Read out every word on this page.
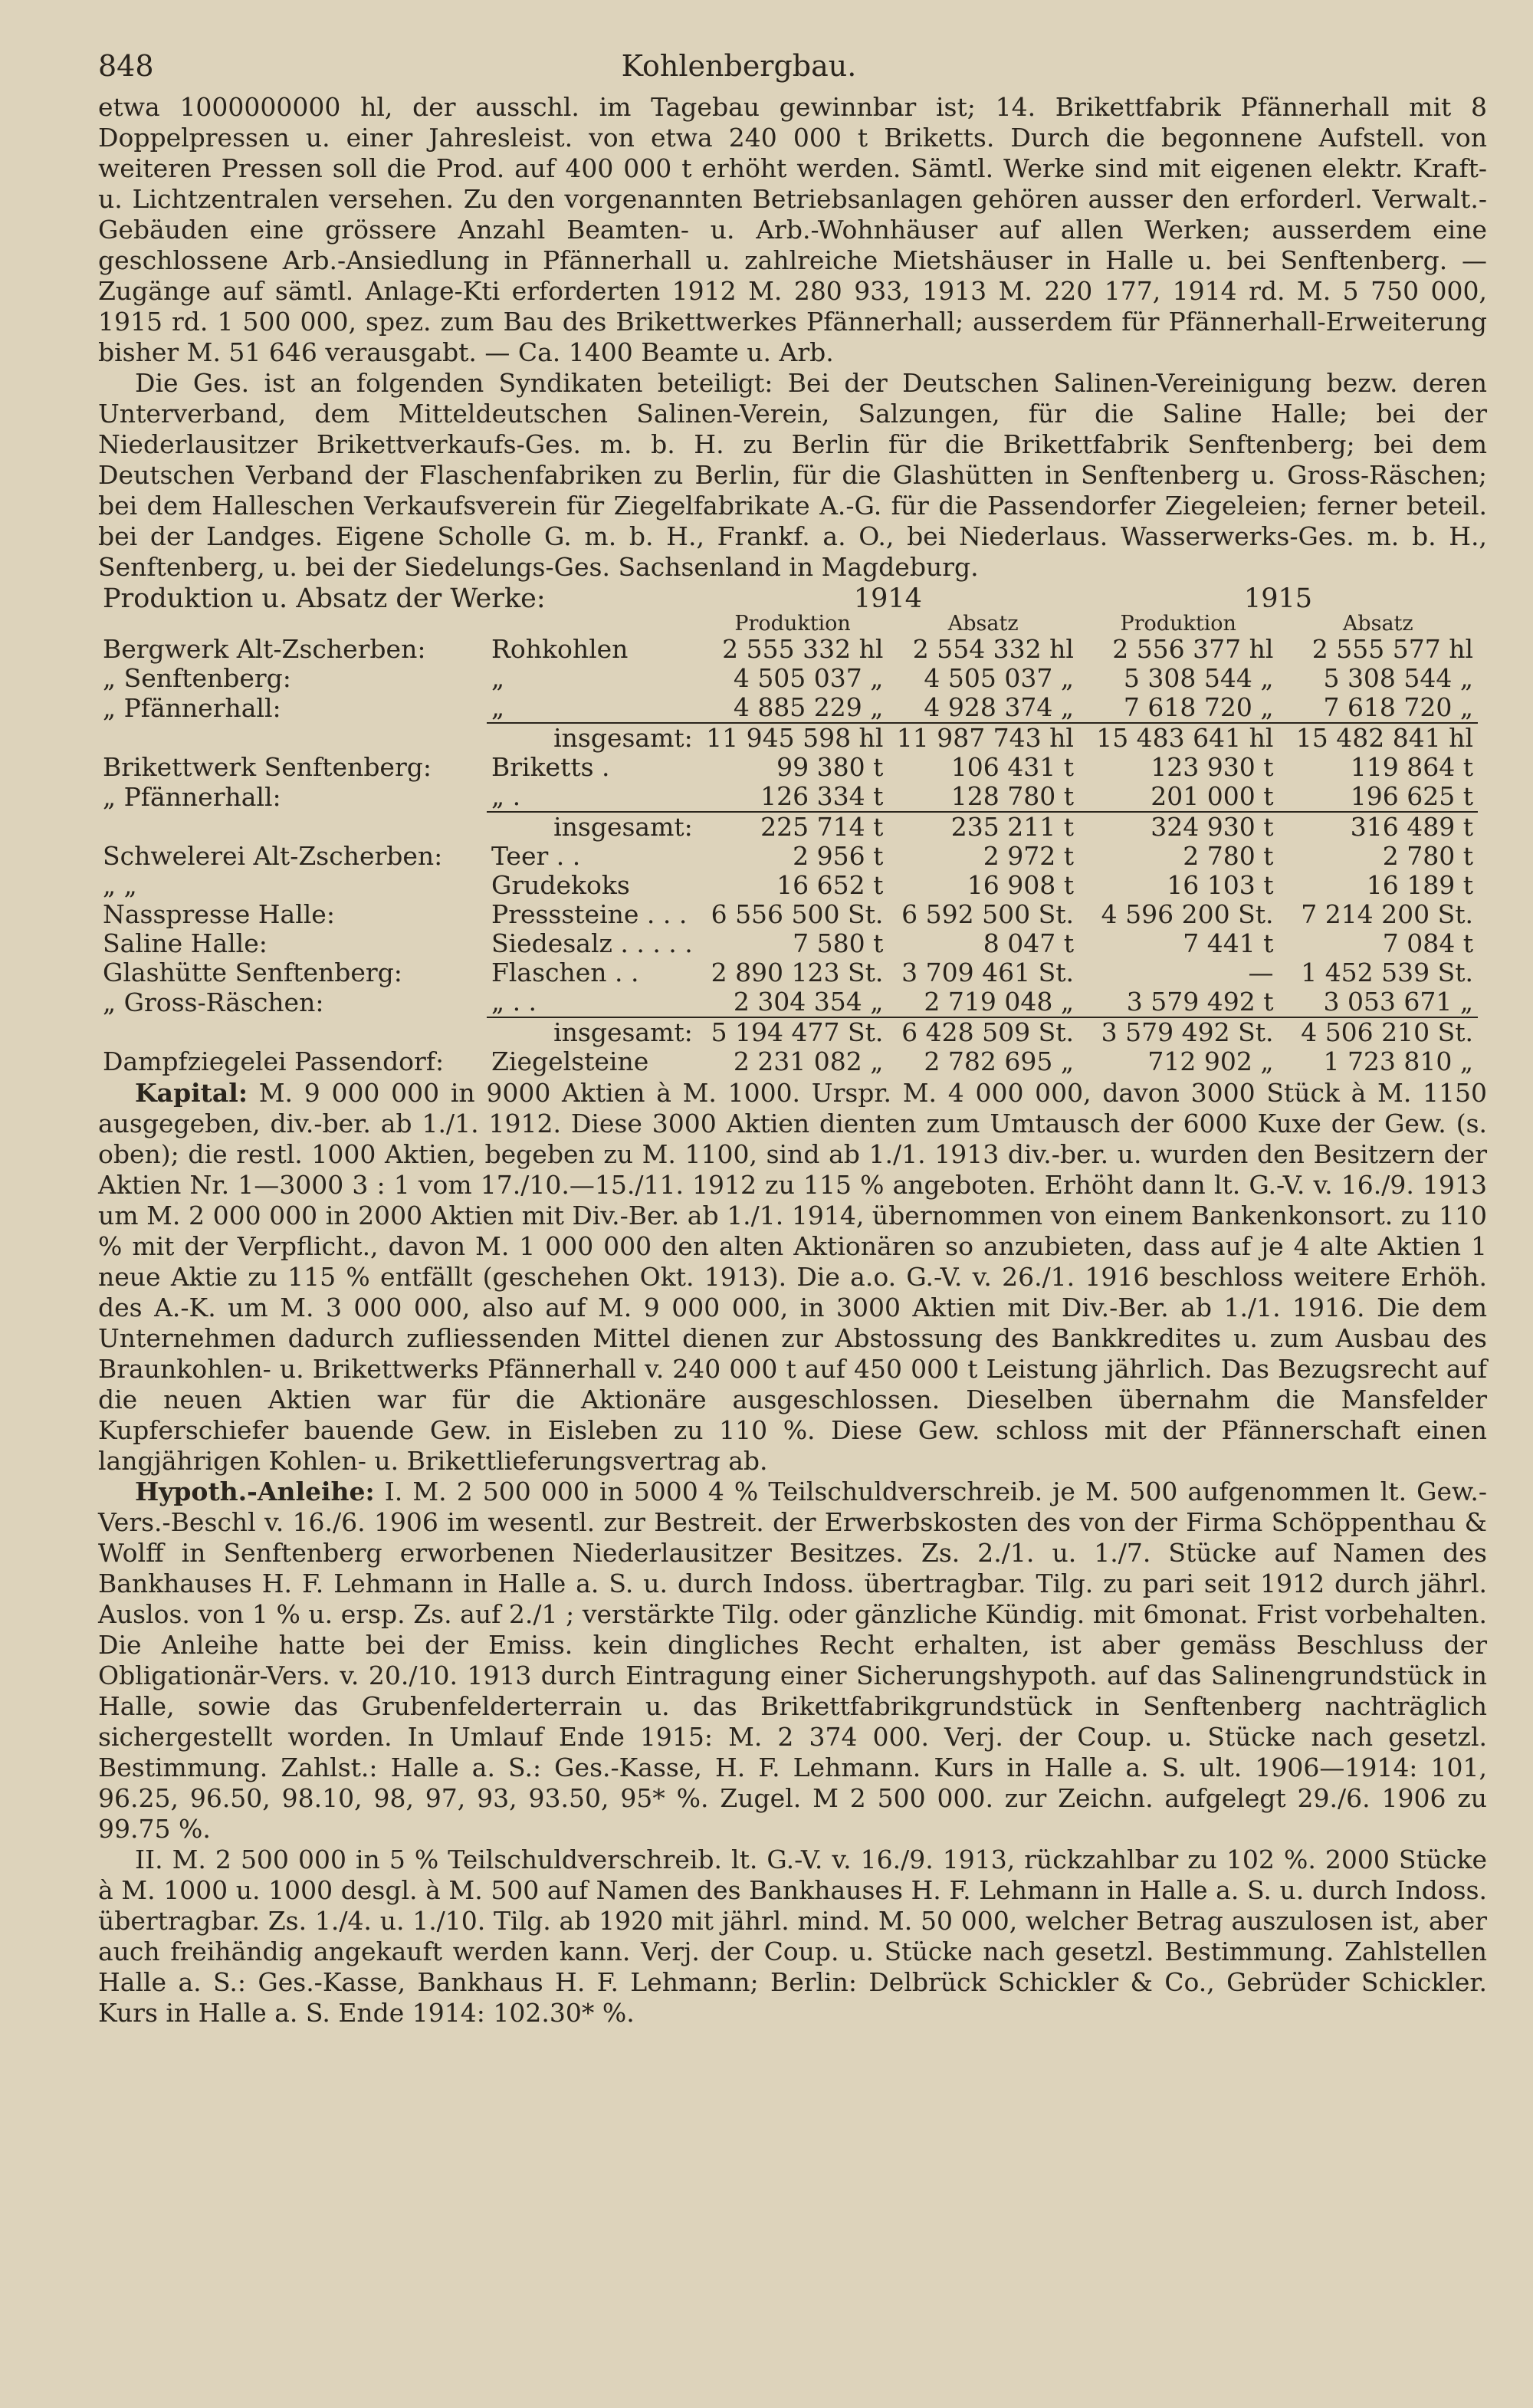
848	Kohlenbergbau.

etwa 1000000000 hl, der ausschl. im Tagebau gewinnbar ist; 14. Brikettfabrik Pfännerhall mit 8 Doppelpressen u. einer Jahresleist. von etwa 240 000 t Briketts. Durch die begonnene Aufstell. von weiteren Pressen soll die Prod. auf 400 000 t erhöht werden. Sämtl. Werke sind mit eigenen elektr. Kraft- u. Lichtzentralen versehen. Zu den vorgenannten Betriebsanlagen gehören ausser den erforderl. Verwalt.-Gebäuden eine grössere Anzahl Beamten- u. Arb.-Wohnhäuser auf allen Werken; ausserdem eine geschlossene Arb.-Ansiedlung in Pfännerhall u. zahlreiche Mietshäuser in Halle u. bei Senftenberg. — Zugänge auf sämtl. Anlage-Kti erforderten 1912 M. 280 933, 1913 M. 220 177, 1914 rd. M. 5 750 000, 1915 rd. 1 500 000, spez. zum Bau des Brikettwerkes Pfännerhall; ausserdem für Pfännerhall-Erweiterung bisher M. 51 646 verausgabt. — Ca. 1400 Beamte u. Arb.

Die Ges. ist an folgenden Syndikaten beteiligt: Bei der Deutschen Salinen-Vereinigung bezw. deren Unterverband, dem Mitteldeutschen Salinen-Verein, Salzungen, für die Saline Halle; bei der Niederlausitzer Brikettverkaufs-Ges. m. b. H. zu Berlin für die Brikettfabrik Senftenberg; bei dem Deutschen Verband der Flaschenfabriken zu Berlin, für die Glashütten in Senftenberg u. Gross-Räschen; bei dem Halleschen Verkaufsverein für Ziegelfabrikate A.-G. für die Passendorfer Ziegeleien; ferner beteil. bei der Landges. Eigene Scholle G. m. b. H., Frankf. a. O., bei Niederlaus. Wasserwerks-Ges. m. b. H., Senftenberg, u. bei der Siedelungs-Ges. Sachsenland in Magdeburg.

Produktion u. Absatz der Werke:		1914		1915	
		Produktion	Absatz	Produktion	Absatz
Bergwerk Alt-Zscherben:	Rohkohlen	2 555 332 hl	2 554 332 hl	2 556 377 hl	2 555 577 hl
„ Senftenberg:	„	4 505 037 „	4 505 037 „	5 308 544 „	5 308 544 „
„ Pfännerhall:	„	4 885 229 „	4 928 374 „	7 618 720 „	7 618 720 „
	insgesamt:	11 945 598 hl	11 987 743 hl	15 483 641 hl	15 482 841 hl
Brikettwerk Senftenberg:	Briketts .	99 380 t	106 431 t	123 930 t	119 864 t
„ Pfännerhall:	„ .	126 334 t	128 780 t	201 000 t	196 625 t
	insgesamt:	225 714 t	235 211 t	324 930 t	316 489 t
Schwelerei Alt-Zscherben:	Teer . .	2 956 t	2 972 t	2 780 t	2 780 t
„ „	Grudekoks	16 652 t	16 908 t	16 103 t	16 189 t
Nasspresse Halle:	Presssteine . . .	6 556 500 St.	6 592 500 St.	4 596 200 St.	7 214 200 St.
Saline Halle:	Siedesalz . . . . .	7 580 t	8 047 t	7 441 t	7 084 t
Glashütte Senftenberg:	Flaschen . .	2 890 123 St.	3 709 461 St.	—	1 452 539 St.
„ Gross-Räschen:	„ . .	2 304 354 „	2 719 048 „	3 579 492 t	3 053 671 „
	insgesamt:	5 194 477 St.	6 428 509 St.	3 579 492 St.	4 506 210 St.
Dampfziegelei Passendorf:	Ziegelsteine	2 231 082 „	2 782 695 „	712 902 „	1 723 810 „

Kapital: M. 9 000 000 in 9000 Aktien à M. 1000. Urspr. M. 4 000 000, davon 3000 Stück à M. 1150 ausgegeben, div.-ber. ab 1./1. 1912. Diese 3000 Aktien dienten zum Umtausch der 6000 Kuxe der Gew. (s. oben); die restl. 1000 Aktien, begeben zu M. 1100, sind ab 1./1. 1913 div.-ber. u. wurden den Besitzern der Aktien Nr. 1—3000 3 : 1 vom 17./10.—15./11. 1912 zu 115 % angeboten. Erhöht dann lt. G.-V. v. 16./9. 1913 um M. 2 000 000 in 2000 Aktien mit Div.-Ber. ab 1./1. 1914, übernommen von einem Bankenkonsort. zu 110 % mit der Verpflicht., davon M. 1 000 000 den alten Aktionären so anzubieten, dass auf je 4 alte Aktien 1 neue Aktie zu 115 % entfällt (geschehen Okt. 1913). Die a.o. G.-V. v. 26./1. 1916 beschloss weitere Erhöh. des A.-K. um M. 3 000 000, also auf M. 9 000 000, in 3000 Aktien mit Div.-Ber. ab 1./1. 1916. Die dem Unternehmen dadurch zufliessenden Mittel dienen zur Abstossung des Bankkredites u. zum Ausbau des Braunkohlen- u. Brikettwerks Pfännerhall v. 240 000 t auf 450 000 t Leistung jährlich. Das Bezugsrecht auf die neuen Aktien war für die Aktionäre ausgeschlossen. Dieselben übernahm die Mansfelder Kupferschiefer bauende Gew. in Eisleben zu 110 %. Diese Gew. schloss mit der Pfännerschaft einen langjährigen Kohlen- u. Brikettlieferungsvertrag ab.

Hypoth.-Anleihe: I. M. 2 500 000 in 5000 4 % Teilschuldverschreib. je M. 500 aufgenommen lt. Gew.-Vers.-Beschl v. 16./6. 1906 im wesentl. zur Bestreit. der Erwerbskosten des von der Firma Schöppenthau & Wolff in Senftenberg erworbenen Niederlausitzer Besitzes. Zs. 2./1. u. 1./7. Stücke auf Namen des Bankhauses H. F. Lehmann in Halle a. S. u. durch Indoss. übertragbar. Tilg. zu pari seit 1912 durch jährl. Auslos. von 1 % u. ersp. Zs. auf 2./1 ; verstärkte Tilg. oder gänzliche Kündig. mit 6monat. Frist vorbehalten. Die Anleihe hatte bei der Emiss. kein dingliches Recht erhalten, ist aber gemäss Beschluss der Obligationär-Vers. v. 20./10. 1913 durch Eintragung einer Sicherungshypoth. auf das Salinengrundstück in Halle, sowie das Grubenfelderterrain u. das Brikettfabrikgrundstück in Senftenberg nachträglich sichergestellt worden. In Umlauf Ende 1915: M. 2 374 000. Verj. der Coup. u. Stücke nach gesetzl. Bestimmung. Zahlst.: Halle a. S.: Ges.-Kasse, H. F. Lehmann. Kurs in Halle a. S. ult. 1906—1914: 101, 96.25, 96.50, 98.10, 98, 97, 93, 93.50, 95* %. Zugel. M 2 500 000. zur Zeichn. aufgelegt 29./6. 1906 zu 99.75 %.

II. M. 2 500 000 in 5 % Teilschuldverschreib. lt. G.-V. v. 16./9. 1913, rückzahlbar zu 102 %. 2000 Stücke à M. 1000 u. 1000 desgl. à M. 500 auf Namen des Bankhauses H. F. Lehmann in Halle a. S. u. durch Indoss. übertragbar. Zs. 1./4. u. 1./10. Tilg. ab 1920 mit jährl. mind. M. 50 000, welcher Betrag auszulosen ist, aber auch freihändig angekauft werden kann. Verj. der Coup. u. Stücke nach gesetzl. Bestimmung. Zahlstellen Halle a. S.: Ges.-Kasse, Bankhaus H. F. Lehmann; Berlin: Delbrück Schickler & Co., Gebrüder Schickler. Kurs in Halle a. S. Ende 1914: 102.30* %.
